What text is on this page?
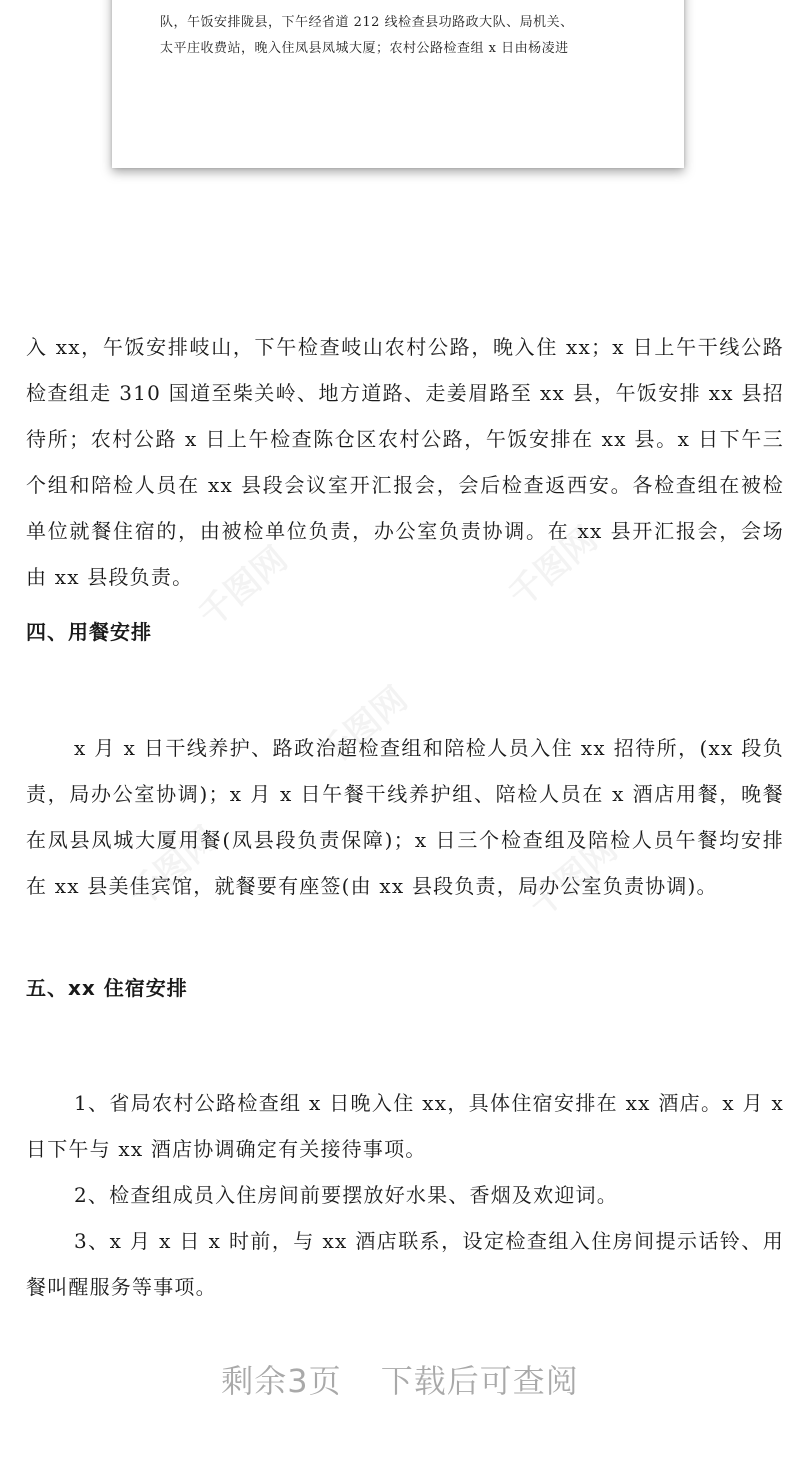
队，午饭安排陇县，下午经省道 212 线检查县功路政大队、局机关、
太平庄收费站，晚入住凤县凤城大厦；农村公路检查组 x 日由杨凌进
千图网	千图网
千图网
千图网	千图网

入 xx，午饭安排岐山，下午检查岐山农村公路，晚入住 xx；x 日上午干线公路检查组走 310 国道至柴关岭、地方道路、走姜眉路至 xx 县，午饭安排 xx 县招待所；农村公路 x 日上午检查陈仓区农村公路，午饭安排在 xx 县。x 日下午三个组和陪检人员在 xx 县段会议室开汇报会，会后检查返西安。各检查组在被检单位就餐住宿的，由被检单位负责，办公室负责协调。在 xx 县开汇报会，会场由 xx 县段负责。

四、用餐安排

x 月 x 日干线养护、路政治超检查组和陪检人员入住 xx 招待所，(xx 段负责，局办公室协调)；x 月 x 日午餐干线养护组、陪检人员在 x 酒店用餐，晚餐在凤县凤城大厦用餐(凤县段负责保障)；x 日三个检查组及陪检人员午餐均安排在 xx 县美佳宾馆，就餐要有座签(由 xx 县段负责，局办公室负责协调)。

五、xx 住宿安排

1、省局农村公路检查组 x 日晚入住 xx，具体住宿安排在 xx 酒店。x 月 x 日下午与 xx 酒店协调确定有关接待事项。

2、检查组成员入住房间前要摆放好水果、香烟及欢迎词。

3、x 月 x 日 x 时前，与 xx 酒店联系，设定检查组入住房间提示话铃、用餐叫醒服务等事项。

剩余3页 下载后可查阅
